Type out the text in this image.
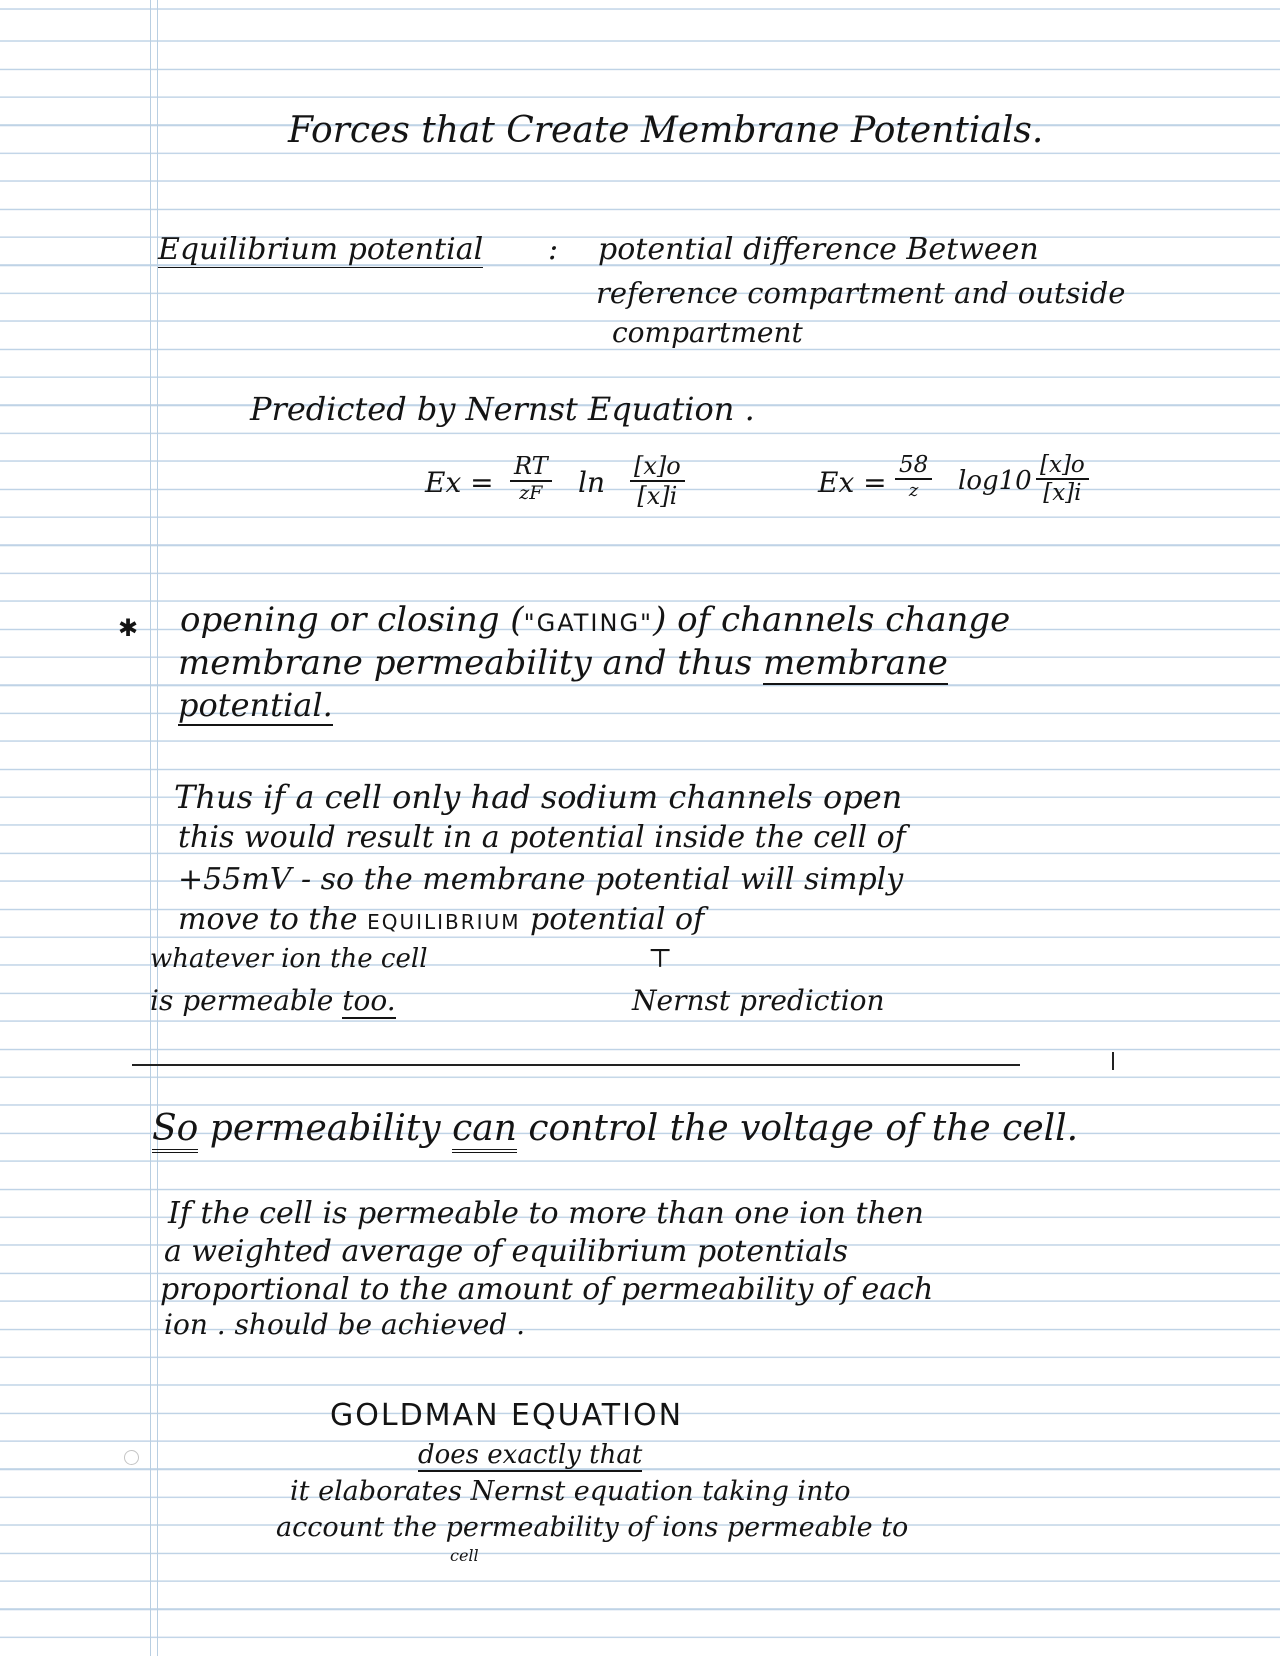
Forces that Create Membrane Potentials.
Equilibrium potential : potential difference Between
reference compartment and outside
compartment
Predicted by Nernst Equation .
Ex = RT
zF $\ln \frac{[x]o}{[x]i}$	Ex =
58
z $\log 10 \frac{[x]o}{[x]i}$
✱ opening or closing ("GATING") of channels change
membrane permeability and thus membrane
potential.
Thus if a cell only had sodium channels open
this would result in a potential inside the cell of
+55mV - so the membrane potential will simply
move to the EQUILIBRIUM potential of
whatever ion the cell	⊤
is permeable too.	Nernst prediction
So permeability can control the voltage of the cell.
If the cell is permeable to more than one ion then
a weighted average of equilibrium potentials
proportional to the amount of permeability of each
ion . should be achieved .
GOLDMAN EQUATION
does exactly that
it elaborates Nernst equation taking into
account the permeability of ions permeable to
cell
